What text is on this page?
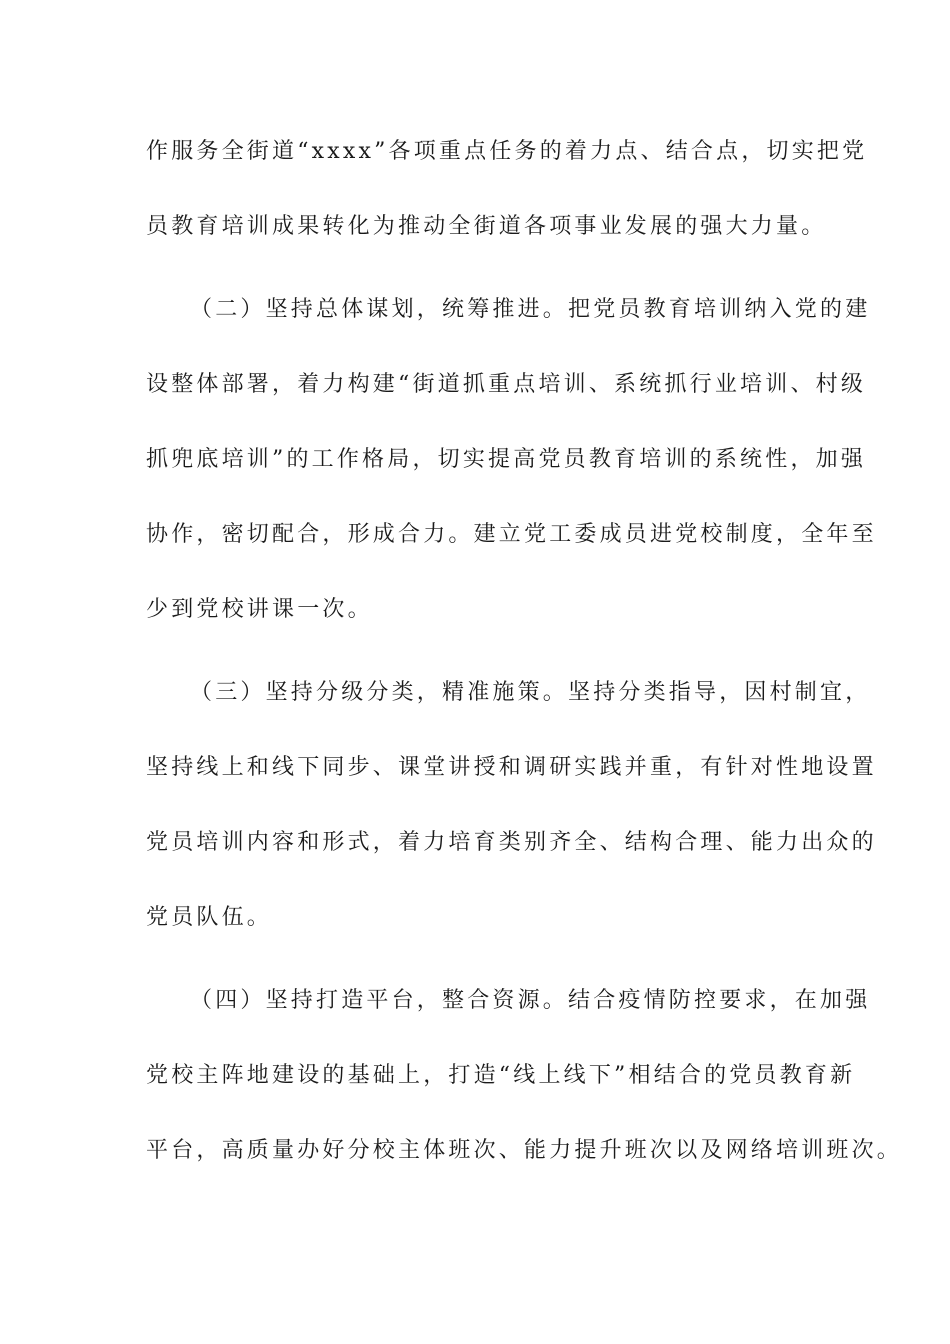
作服务全街道“xxxx”各项重点任务的着力点、结合点，切实把党
员教育培训成果转化为推动全街道各项事业发展的强大力量。
（二）坚持总体谋划，统筹推进。把党员教育培训纳入党的建
设整体部署，着力构建“街道抓重点培训、系统抓行业培训、村级
抓兜底培训”的工作格局，切实提高党员教育培训的系统性，加强
协作，密切配合，形成合力。建立党工委成员进党校制度，全年至
少到党校讲课一次。
（三）坚持分级分类，精准施策。坚持分类指导，因村制宜，
坚持线上和线下同步、课堂讲授和调研实践并重，有针对性地设置
党员培训内容和形式，着力培育类别齐全、结构合理、能力出众的
党员队伍。
（四）坚持打造平台，整合资源。结合疫情防控要求，在加强
党校主阵地建设的基础上，打造“线上线下”相结合的党员教育新
平台，高质量办好分校主体班次、能力提升班次以及网络培训班次。
